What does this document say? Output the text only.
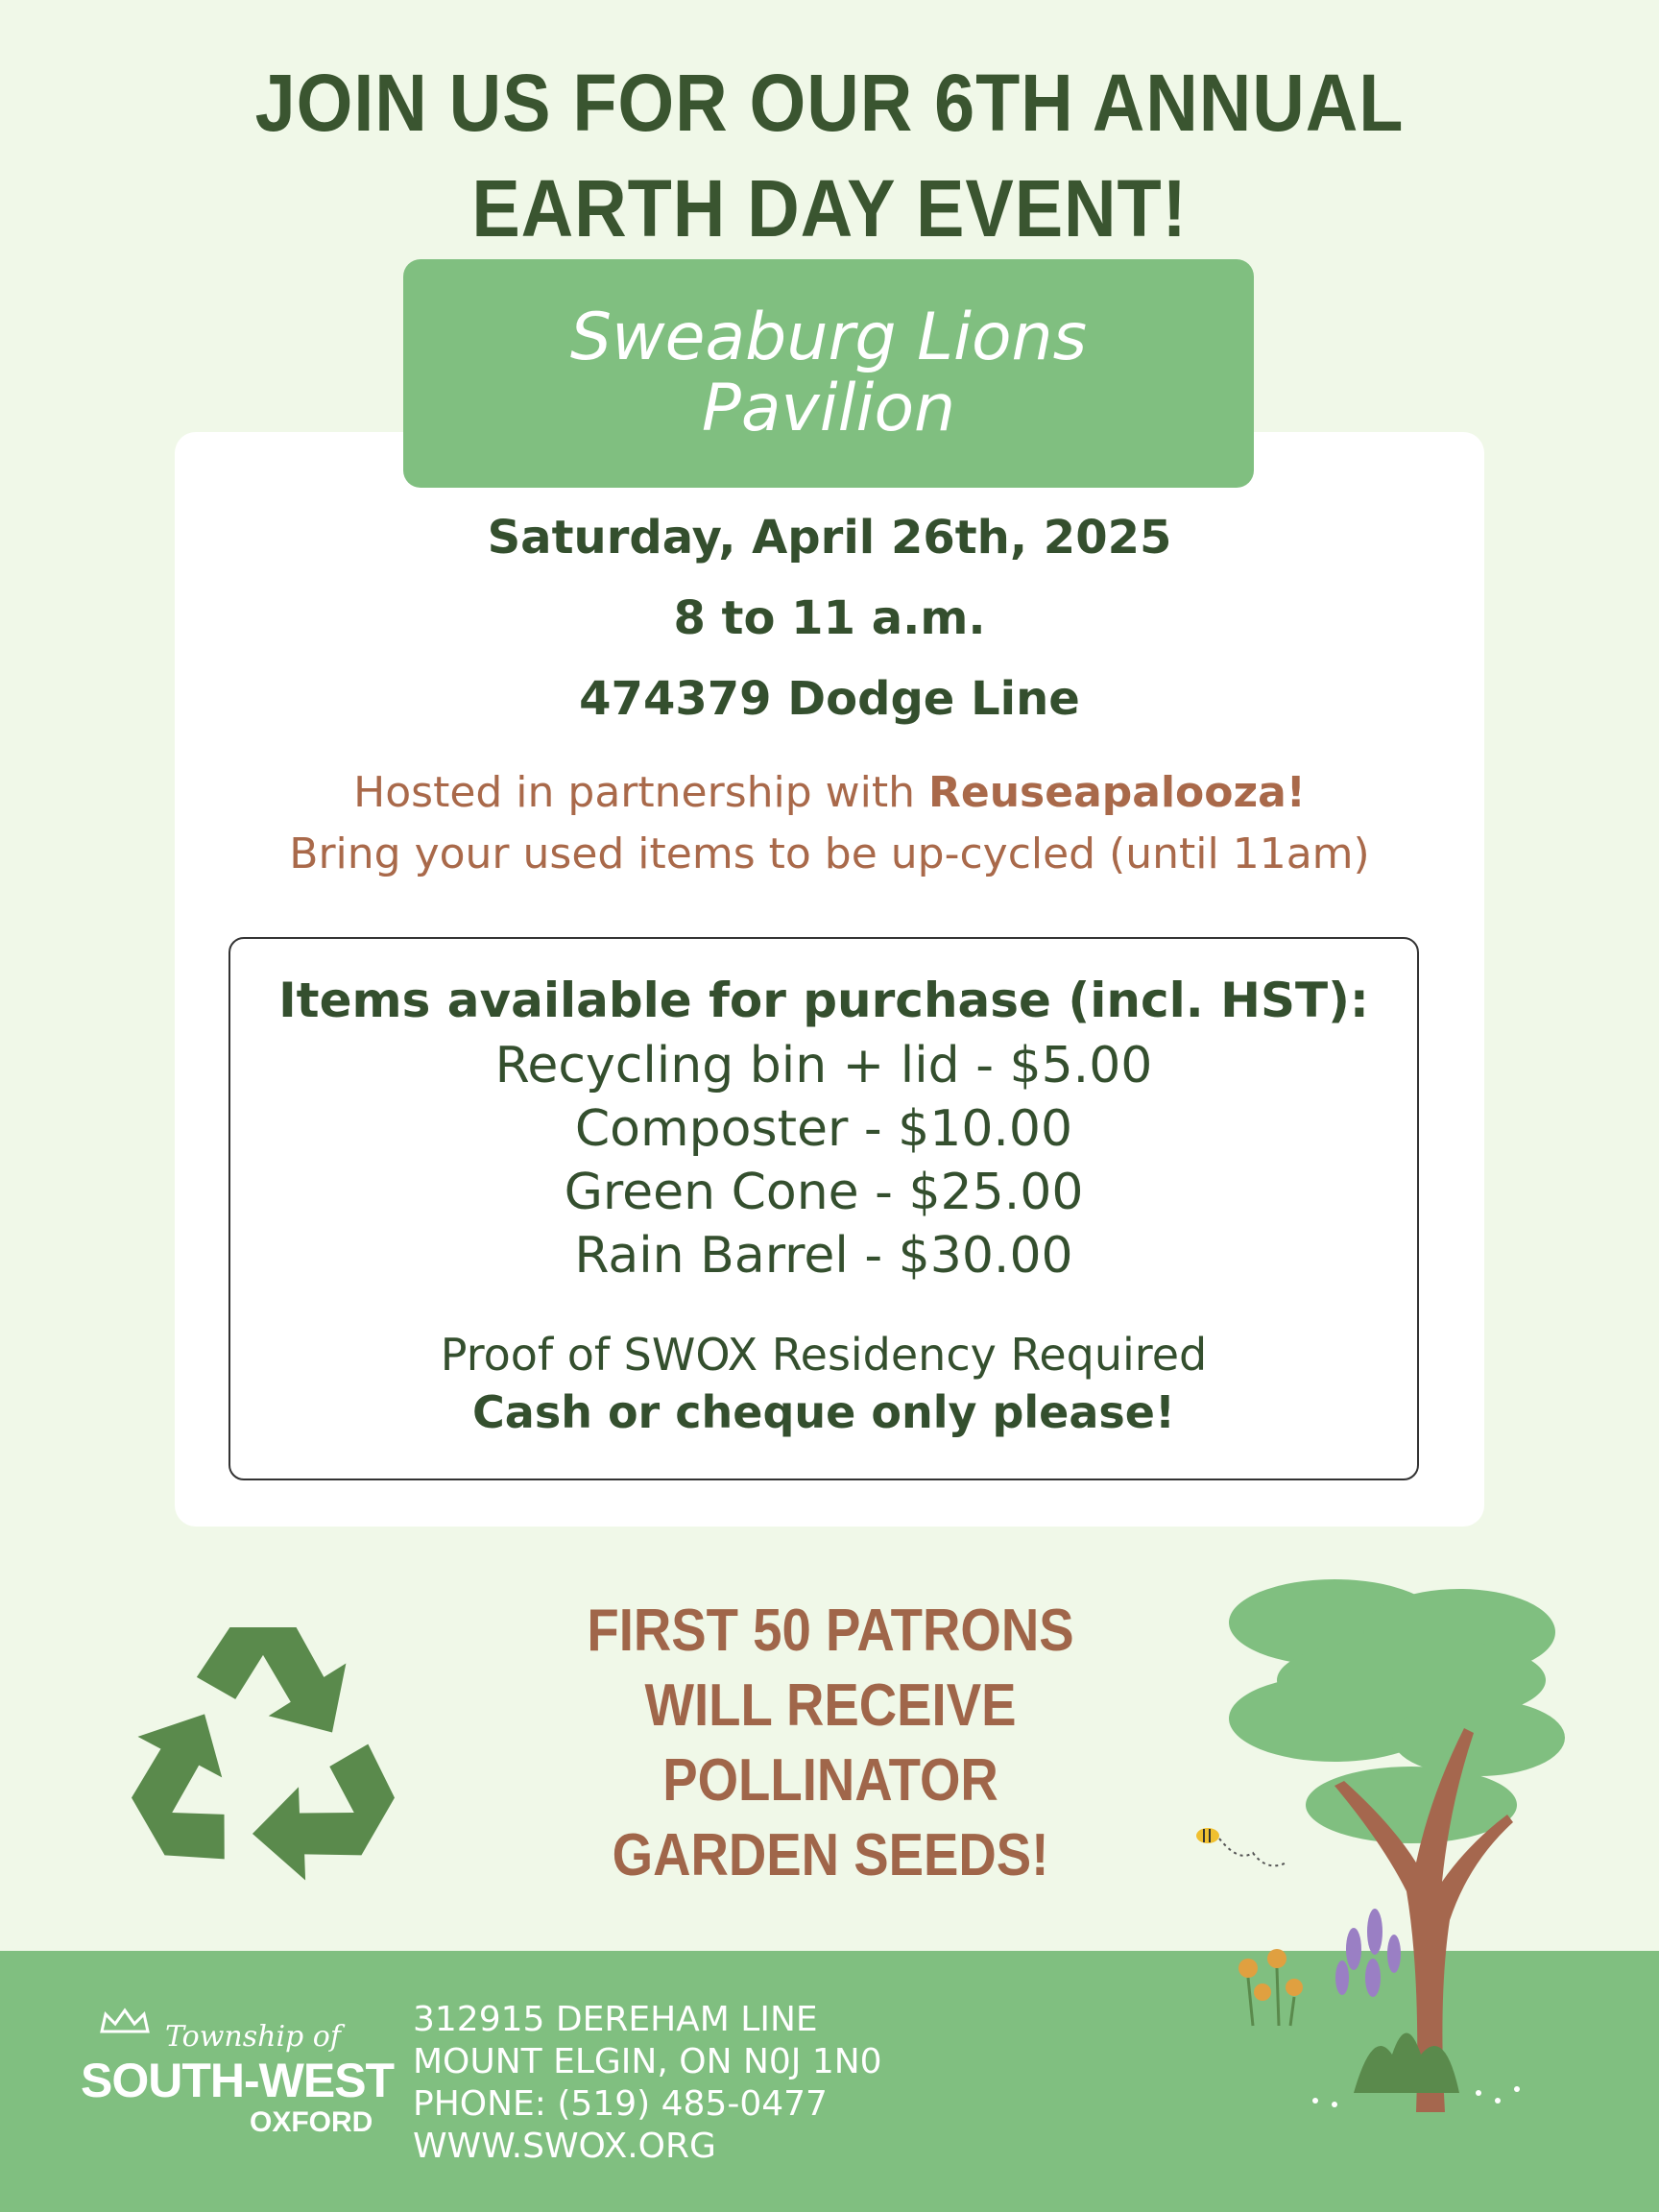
JOIN US FOR OUR 6TH ANNUAL
EARTH DAY EVENT!
Sweaburg Lions
Pavilion
Saturday, April 26th, 2025
8 to 11 a.m.
474379 Dodge Line
Hosted in partnership with Reuseapalooza!
Bring your used items to be up-cycled (until 11am)
Items available for purchase (incl. HST):
Recycling bin + lid - $5.00
Composter - $10.00
Green Cone - $25.00
Rain Barrel - $30.00
Proof of SWOX Residency Required
Cash or cheque only please!
FIRST 50 PATRONS
WILL RECEIVE
POLLINATOR
GARDEN SEEDS!
Township of
SOUTH-WEST
OXFORD
312915 DEREHAM LINE
MOUNT ELGIN, ON N0J 1N0
PHONE: (519) 485-0477
WWW.SWOX.ORG
